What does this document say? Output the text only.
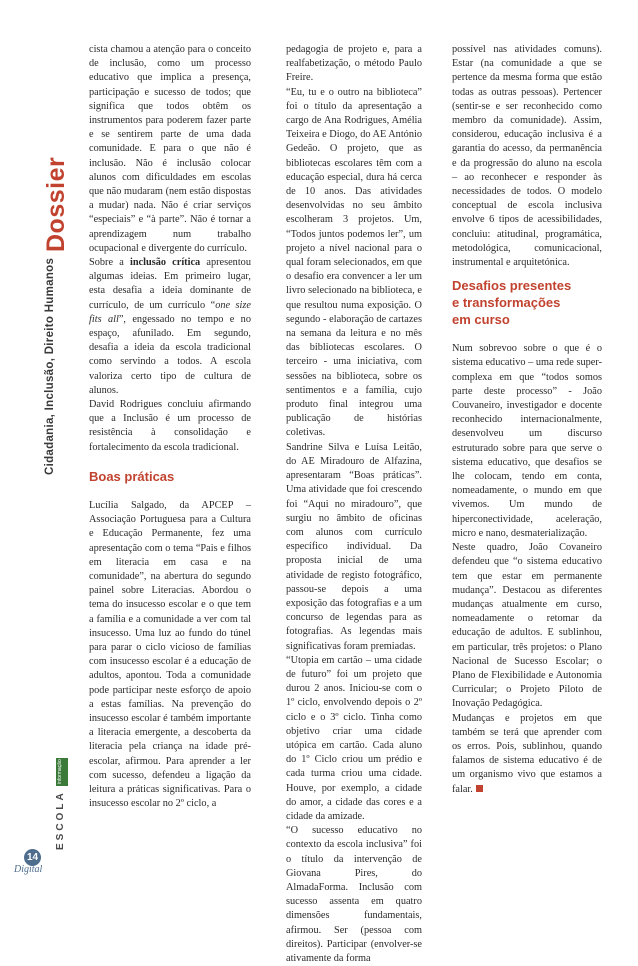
Dossier
Cidadania, Inclusão, Direito Humanos
informação
ESCOLA
14
Digital

cista chamou a atenção para o conceito de inclusão, como um processo educativo que implica a presença, participação e sucesso de todos; que significa que todos obtêm os instrumentos para poderem fazer parte e se sentirem parte de uma dada comunidade. E para o que não é inclusão. Não é inclusão colocar alunos com dificuldades em escolas que não mudaram (nem estão dispostas a mudar) nada. Não é criar serviços “especiais” e “à parte”. Não é tornar a aprendizagem num trabalho ocupacional e divergente do currículo.

Sobre a inclusão crítica apresentou algumas ideias. Em primeiro lugar, esta desafia a ideia dominante de currículo, de um currículo “one size fits all”, engessado no tempo e no espaço, afunilado. Em segundo, desafia a ideia da escola tradicional como servindo a todos. A escola valoriza certo tipo de cultura de alunos.

David Rodrigues concluiu afirmando que a Inclusão é um processo de resistência à consolidação e fortalecimento da escola tradicional.

Boas práticas

Lucília Salgado, da APCEP – Associação Portuguesa para a Cultura e Educação Permanente, fez uma apresentação com o tema “Pais e filhos em literacia em casa e na comunidade”, na abertura do segundo painel sobre Literacias. Abordou o tema do insucesso escolar e o que tem a família e a comunidade a ver com tal insucesso. Uma luz ao fundo do túnel para parar o ciclo vicioso de famílias com insucesso escolar é a educação de adultos, apontou. Toda a comunidade pode participar neste esforço de apoio a estas famílias. Na prevenção do insucesso escolar é também importante a literacia emergente, a descoberta da literacia pela criança na idade pré-escolar, afirmou. Para aprender a ler com sucesso, defendeu a ligação da leitura a práticas significativas. Para o insucesso escolar no 2º ciclo, a

pedagogia de projeto e, para a realfabetização, o método Paulo Freire.

“Eu, tu e o outro na biblioteca” foi o título da apresentação a cargo de Ana Rodrigues, Amélia Teixeira e Diogo, do AE António Gedeão. O projeto, que as bibliotecas escolares têm com a educação especial, dura há cerca de 10 anos. Das atividades desenvolvidas no seu âmbito escolheram 3 projetos. Um, “Todos juntos podemos ler”, um projeto a nível nacional para o qual foram selecionados, em que o desafio era convencer a ler um livro selecionado na biblioteca, e que resultou numa exposição. O segundo - elaboração de cartazes na semana da leitura e no mês das bibliotecas escolares. O terceiro - uma iniciativa, com sessões na biblioteca, sobre os sentimentos e a família, cujo produto final integrou uma publicação de histórias coletivas.

Sandrine Silva e Luísa Leitão, do AE Miradouro de Alfazina, apresentaram “Boas práticas”. Uma atividade que foi crescendo foi “Aqui no miradouro”, que surgiu no âmbito de oficinas com alunos com currículo específico individual. Da proposta inicial de uma atividade de registo fotográfico, passou-se depois a uma exposição das fotografias e a um concurso de legendas para as fotografias. As legendas mais significativas foram premiadas.

“Utopia em cartão – uma cidade de futuro” foi um projeto que durou 2 anos. Iniciou-se com o 1º ciclo, envolvendo depois o 2º ciclo e o 3º ciclo. Tinha como objetivo criar uma cidade utópica em cartão. Cada aluno do 1º Ciclo criou um prédio e cada turma criou uma cidade. Houve, por exemplo, a cidade do amor, a cidade das cores e a cidade da amizade.

“O sucesso educativo no contexto da escola inclusiva” foi o título da intervenção de Giovana Pires, do AlmadaForma. Inclusão com sucesso assenta em quatro dimensões fundamentais, afirmou. Ser (pessoa com direitos). Participar (envolver-se ativamente da forma

possível nas atividades comuns). Estar (na comunidade a que se pertence da mesma forma que estão todas as outras pessoas). Pertencer (sentir-se e ser reconhecido como membro da comunidade). Assim, considerou, educação inclusiva é a garantia do acesso, da permanência e da progressão do aluno na escola – ao reconhecer e responder às necessidades de todos. O modelo conceptual de escola inclusiva envolve 6 tipos de acessibilidades, concluiu: atitudinal, programática, metodológica, comunicacional, instrumental e arquitetónica.

Desafios presentes
e transformações
em curso

Num sobrevoo sobre o que é o sistema educativo – uma rede super-complexa em que “todos somos parte deste processo” - João Couvaneiro, investigador e docente reconhecido internacionalmente, desenvolveu um discurso estruturado sobre para que serve o sistema educativo, que desafios se lhe colocam, tendo em conta, nomeadamente, o mundo em que vivemos. Um mundo de hiperconectividade, aceleração, micro e nano, desmaterialização.

Neste quadro, João Covaneiro defendeu que “o sistema educativo tem que estar em permanente mudança”. Destacou as diferentes mudanças atualmente em curso, nomeadamente o retomar da educação de adultos. E sublinhou, em particular, três projetos: o Plano Nacional de Sucesso Escolar; o Plano de Flexibilidade e Autonomia Curricular; o Projeto Piloto de Inovação Pedagógica.

Mudanças e projetos em que também se terá que aprender com os erros. Pois, sublinhou, quando falamos de sistema educativo é de um organismo vivo que estamos a falar.
